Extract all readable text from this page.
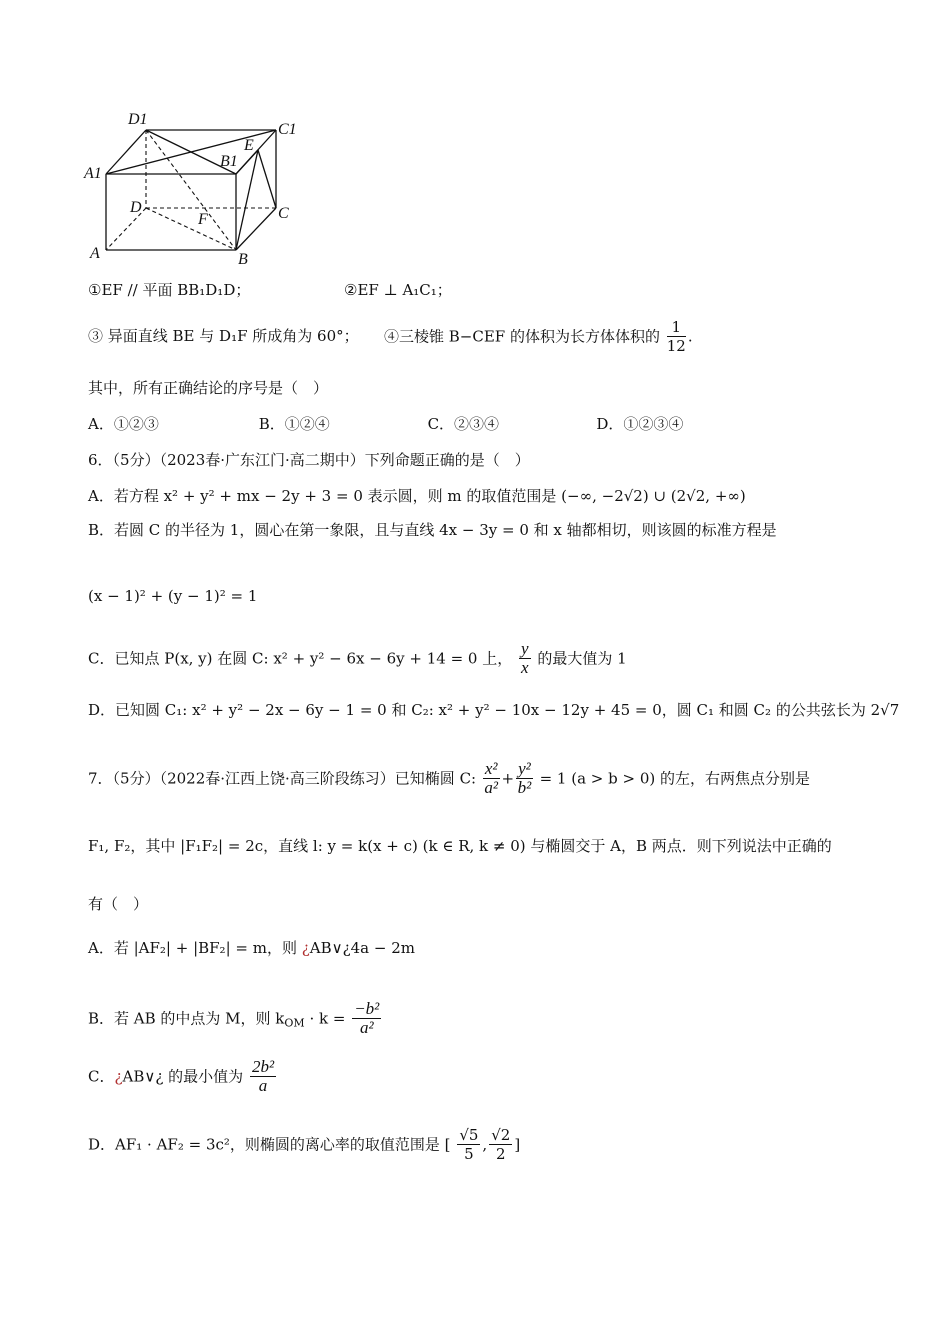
D1
C1
A1
B1
E
D
F	C
A	B
①EF // 平面 BB₁D₁D；	②EF ⊥ A₁C₁；
③ 异面直线 BE 与 D₁F 所成角为 60°； ④三棱锥 B−CEF 的体积为长方体体积的 $\frac{1}{12}$ .
其中，所有正确结论的序号是（　）
A．①②③	B．①②④	C．②③④	D．①②③④
6．（5分）（2023春·广东江门·高二期中）下列命题正确的是（　）
A．若方程 x² + y² + mx − 2y + 3 = 0 表示圆，则 m 的取值范围是 (−∞, −2√2) ∪ (2√2, +∞)
B．若圆 C 的半径为 1，圆心在第一象限，且与直线 4x − 3y = 0 和 x 轴都相切，则该圆的标准方程是
(x − 1)² + (y − 1)² = 1
C．已知点 P(x, y) 在圆 C: x² + y² − 6x − 6y + 14 = 0 上， $\frac{y}{x}$ 的最大值为 1
D．已知圆 C₁: x² + y² − 2x − 6y − 1 = 0 和 C₂: x² + y² − 10x − 12y + 45 = 0，圆 C₁ 和圆 C₂ 的公共弦长为 2√7
7．（5分）（2022春·江西上饶·高三阶段练习）已知椭圆 C: $\frac{\text{x²}}{\text{a²}} + \frac{\text{y²}}{\text{b²}} = 1$ (a > b > 0) 的左，右两焦点分别是
F₁, F₂，其中 |F₁F₂| = 2c，直线 l: y = k(x + c) (k ∈ R, k ≠ 0) 与椭圆交于 A，B 两点．则下列说法中正确的
有（　）
A．若 |AF₂| + |BF₂| = m，则 ¿AB∨¿4a − 2m
B．若 AB 的中点为 M，则 $k_{OM} \cdot k = \frac{\text{−b²}}{\text{a²}}$
C．¿AB∨¿ 的最小值为 $\frac{\text{2b²}}{a}$
D．AF₁ · AF₂ = 3c²，则椭圆的离心率的取值范围是 [ $\frac{√5}{5}$ , $\frac{√2}{2}$ ]
